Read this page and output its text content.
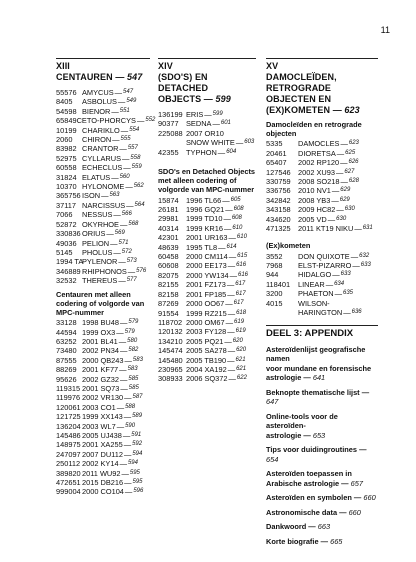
11
XIII
CENTAUREN — 547
55576 AMYCUS — 547
8405	ASBOLUS — 549
54598 BIENOR — 551
65849 CETO-PHORCYS — 552
10199 CHARIKLO — 554
2060	CHIRON — 555
83982 CRANTOR — 557
52975 CYLLARUS — 558
60558 ECHECLUS — 559
31824 ELATUS — 560
10370 HYLONOME — 562
365756 ISON — 563
37117 NARCISSUS — 564
7066	NESSUS — 566
52872 OKYRHOE — 568
330836 ORIUS — 569
49036 PELION — 571
5145	PHOLUS — 572
1994 TA
PYLENOR — 573
346889 RHIPHONOS — 576
32532 THEREUS — 577
Centauren met alleen codering of volgorde van MPC-nummer
33128 1998 BU48 — 579
44594 1999 OX3 — 579
63252 2001 BL41 — 580
73480 2002 PN34 — 582
87555 2000 QB243 — 583
88269 2001 KF77 — 583
95626 2002 GZ32 — 585
119315 2001 SQ73 — 585
119976 2002 VR130 — 587
120061 2003 CO1 — 588
121725 1999 XX143 — 589
136204 2003 WL7 — 590
145486 2005 UJ438 — 591
148975 2001 XA255 — 592
247097 2007 DU112 — 594
250112 2002 KY14 — 594
389820 2011 WU92 — 595
472651 2015 DB216 — 595
999004 2000 CO104 — 596
XIV
(SDO'S) EN DETACHED
OBJECTS — 599
136199 ERIS — 599
90377	SEDNA — 601
225088 2007 OR10
SNOW WHITE — 603
42355	TYPHON — 604
SDO's en Detached Objects met alleen codering of volgorde van MPC-nummer
15874	1996 TL66 — 605
26181	1996 GQ21 — 608
29981	1999 TD10 — 608
40314	1999 KR16 — 610
42301	2001 UR163 — 610
48639	1995 TL8 — 614
60458	2000 CM114 — 615
60608	2000 EE173 — 616
82075	2000 YW134 — 616
82155	2001 FZ173 — 617
82158	2001 FP185 — 617
87269	2000 OO67 — 617
91554	1999 RZ215 — 618
118702 2000 OM67 — 619
120132 2003 FY128 — 619
134210 2005 PQ21 — 620
145474 2005 SA278 — 620
145480 2005 TB190 — 621
230965 2004 XA192 — 621
308933 2006 SQ372 — 622
XV
DAMOCLEÏDEN, RETROGRADE
OBJECTEN EN
(EX)KOMETEN — 623
Damocleïden en retrograde objecten
5335	DAMOCLES — 623
20461	DIORETSA — 625
65407	2002 RP120 — 626
127546 2002 XU93 — 627
330759 2008 SO218 — 628
336756 2010 NV1 — 629
342842 2008 YB3 — 629
343158 2009 HC82 — 630
434620 2005 VD — 630
471325 2011 KT19 NIKU — 631
(Ex)kometen
3552	DON QUIXOTE — 632
7968	ELST-PIZARRO — 633
944	HIDALGO — 633
118401	LINEAR — 634
3200	PHAETON — 635
4015	WILSON-
HARINGTON — 636
DEEL 3: APPENDIX
Asteroïdenlijst geografische namen
voor mundane en forensische
astrologie — 641
Beknopte thematische lijst — 647
Online-tools voor de asteroïden-
astrologie — 653
Tips voor duidingroutines — 654
Asteroïden toepassen in
Arabische astrologie — 657
Asteroïden en symbolen — 660
Astronomische data — 660
Dankwoord — 663
Korte biografie — 665
